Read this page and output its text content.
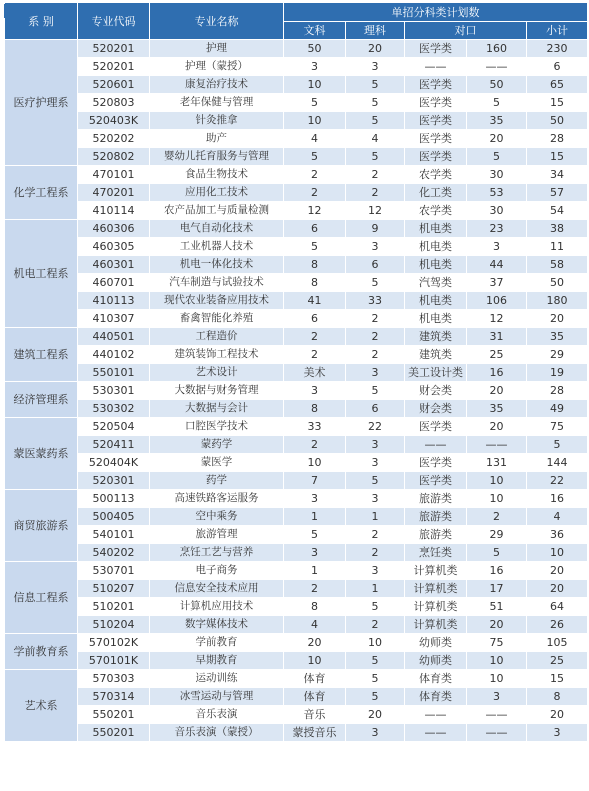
系 别	专业代码	专业名称	单招分科类计划数				
			文科	理科	对口		小计
医疗护理系	520201	护理	50	20	医学类	160	230
	520201	护理（蒙授）	3	3	——	——	6
	520601	康复治疗技术	10	5	医学类	50	65
	520803	老年保健与管理	5	5	医学类	5	15
	520403K	针灸推拿	10	5	医学类	35	50
	520202	助产	4	4	医学类	20	28
	520802	婴幼儿托育服务与管理	5	5	医学类	5	15
化学工程系	470101	食品生物技术	2	2	农学类	30	34
	470201	应用化工技术	2	2	化工类	53	57
	410114	农产品加工与质量检测	12	12	农学类	30	54
机电工程系	460306	电气自动化技术	6	9	机电类	23	38
	460305	工业机器人技术	5	3	机电类	3	11
	460301	机电一体化技术	8	6	机电类	44	58
	460701	汽车制造与试验技术	8	5	汽驾类	37	50
	410113	现代农业装备应用技术	41	33	机电类	106	180
	410307	畜禽智能化养殖	6	2	机电类	12	20
建筑工程系	440501	工程造价	2	2	建筑类	31	35
	440102	建筑装饰工程技术	2	2	建筑类	25	29
	550101	艺术设计	美术	3	美工设计类	16	19
经济管理系	530301	大数据与财务管理	3	5	财会类	20	28
	530302	大数据与会计	8	6	财会类	35	49
蒙医蒙药系	520504	口腔医学技术	33	22	医学类	20	75
	520411	蒙药学	2	3	——	——	5
	520404K	蒙医学	10	3	医学类	131	144
	520301	药学	7	5	医学类	10	22
商贸旅游系	500113	高速铁路客运服务	3	3	旅游类	10	16
	500405	空中乘务	1	1	旅游类	2	4
	540101	旅游管理	5	2	旅游类	29	36
	540202	烹饪工艺与营养	3	2	烹饪类	5	10
信息工程系	530701	电子商务	1	3	计算机类	16	20
	510207	信息安全技术应用	2	1	计算机类	17	20
	510201	计算机应用技术	8	5	计算机类	51	64
	510204	数字媒体技术	4	2	计算机类	20	26
学前教育系	570102K	学前教育	20	10	幼师类	75	105
	570101K	早期教育	10	5	幼师类	10	25
艺术系	570303	运动训练	体育	5	体育类	10	15
	570314	冰雪运动与管理	体育	5	体育类	3	8
	550201	音乐表演	音乐	20	——	——	20
	550201	音乐表演（蒙授）	蒙授音乐	3	——	——	3
